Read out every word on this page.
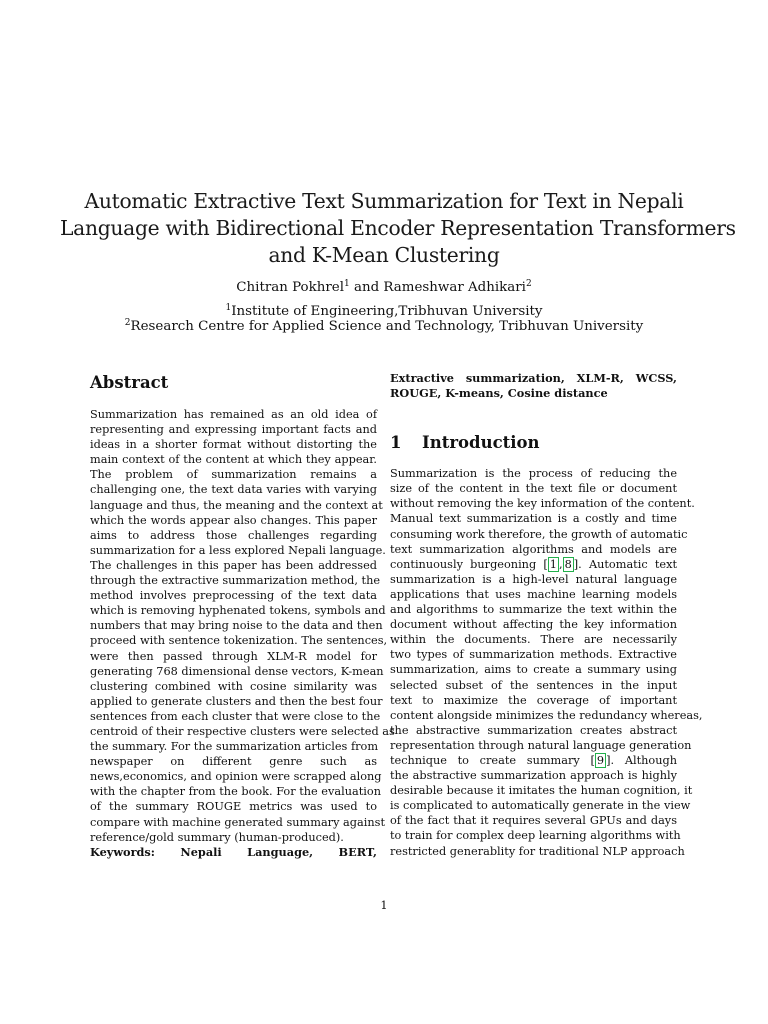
Automatic Extractive Text Summarization for Text in Nepali
Language with Bidirectional Encoder Representation Transformers
and K-Mean Clustering
Chitran Pokhrel$^1$ and Rameshwar Adhikari$^2$
$^1$Institute of Engineering,Tribhuvan University
$^2$Research Centre for Applied Science and Technology, Tribhuvan University
Abstract
Summarization has remained as an old idea of
representing and expressing important facts and
ideas in a shorter format without distorting the
main context of the content at which they appear.
The problem of summarization remains a
challenging one, the text data varies with varying
language and thus, the meaning and the context at
which the words appear also changes. This paper
aims to address those challenges regarding
summarization for a less explored Nepali language.
The challenges in this paper has been addressed
through the extractive summarization method, the
method involves preprocessing of the text data
which is removing hyphenated tokens, symbols and
numbers that may bring noise to the data and then
proceed with sentence tokenization. The sentences,
were then passed through XLM-R model for
generating 768 dimensional dense vectors, K-mean
clustering combined with cosine similarity was
applied to generate clusters and then the best four
sentences from each cluster that were close to the
centroid of their respective clusters were selected as
the summary. For the summarization articles from
newspaper on different genre such as
news,economics, and opinion were scrapped along
with the chapter from the book. For the evaluation
of the summary ROUGE metrics was used to
compare with machine generated summary against
reference/gold summary (human-produced).
Keywords: Nepali Language, BERT,
Extractive summarization, XLM-R, WCSS,
ROUGE, K-means, Cosine distance
1 Introduction
Summarization is the process of reducing the
size of the content in the text file or document
without removing the key information of the content.
Manual text summarization is a costly and time
consuming work therefore, the growth of automatic
text summarization algorithms and models are
continuously burgeoning [ 1 , 8 ]. Automatic text
summarization is a high-level natural language
applications that uses machine learning models
and algorithms to summarize the text within the
document without affecting the key information
within the documents. There are necessarily
two types of summarization methods. Extractive
summarization, aims to create a summary using
selected subset of the sentences in the input
text to maximize the coverage of important
content alongside minimizes the redundancy whereas,
the abstractive summarization creates abstract
representation through natural language generation
technique to create summary [ 9 ]. Although
the abstractive summarization approach is highly
desirable because it imitates the human cognition, it
is complicated to automatically generate in the view
of the fact that it requires several GPUs and days
to train for complex deep learning algorithms with
restricted generablity for traditional NLP approach
1
